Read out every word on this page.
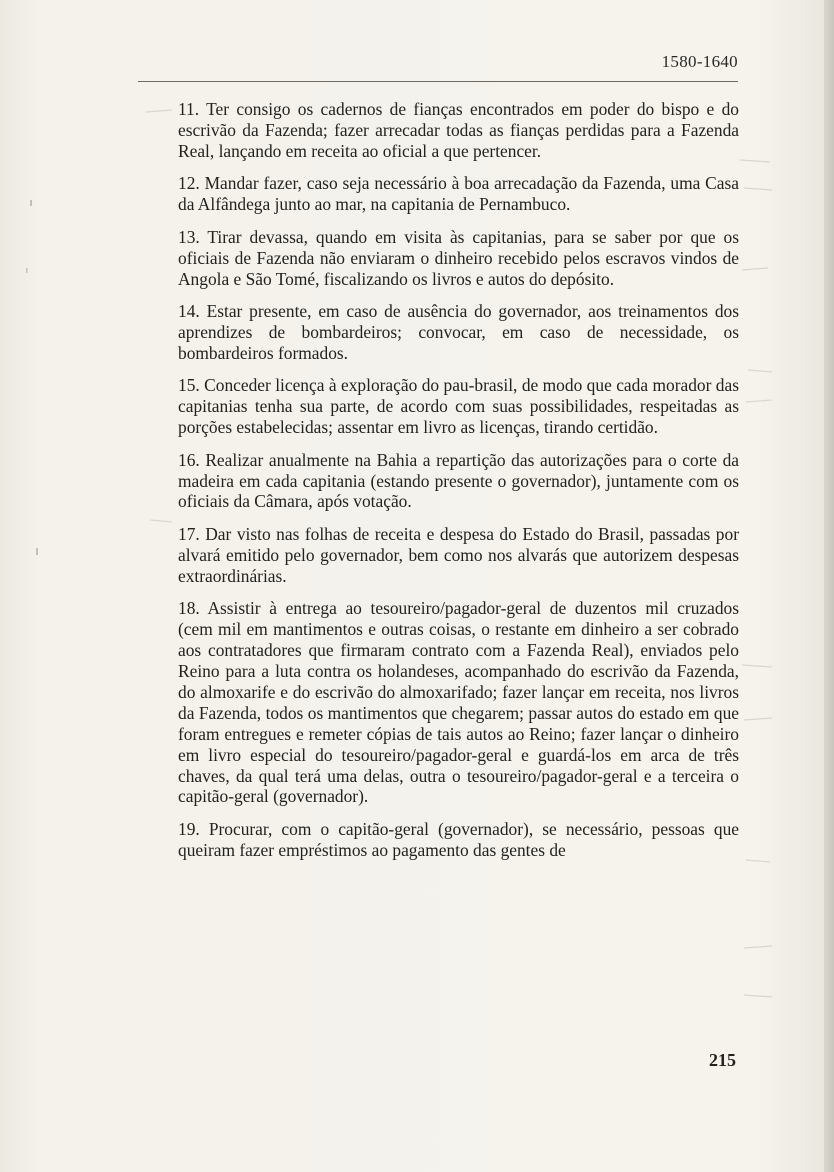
1580-1640

11. Ter consigo os cadernos de fianças encontrados em poder do bispo e do escrivão da Fazenda; fazer arrecadar todas as fianças perdidas para a Fazenda Real, lançando em receita ao oficial a que pertencer.

12. Mandar fazer, caso seja necessário à boa arrecadação da Fazenda, uma Casa da Alfândega junto ao mar, na capitania de Pernambuco.

13. Tirar devassa, quando em visita às capitanias, para se saber por que os oficiais de Fazenda não enviaram o dinheiro recebido pelos escravos vindos de Angola e São Tomé, fiscalizando os livros e autos do depósito.

14. Estar presente, em caso de ausência do governador, aos treinamentos dos aprendizes de bombardeiros; convocar, em caso de necessidade, os bombardeiros formados.

15. Conceder licença à exploração do pau-brasil, de modo que cada morador das capitanias tenha sua parte, de acordo com suas possibilidades, respeitadas as porções estabelecidas; assentar em livro as licenças, tirando certidão.

16. Realizar anualmente na Bahia a repartição das autorizações para o corte da madeira em cada capitania (estando presente o governador), juntamente com os oficiais da Câmara, após votação.

17. Dar visto nas folhas de receita e despesa do Estado do Brasil, passadas por alvará emitido pelo governador, bem como nos alvarás que autorizem despesas extraordinárias.

18. Assistir à entrega ao tesoureiro/pagador-geral de duzentos mil cruzados (cem mil em mantimentos e outras coisas, o restante em dinheiro a ser cobrado aos contratadores que firmaram contrato com a Fazenda Real), enviados pelo Reino para a luta contra os holandeses, acompanhado do escrivão da Fazenda, do almoxarife e do escrivão do almoxarifado; fazer lançar em receita, nos livros da Fazenda, todos os mantimentos que chegarem; passar autos do estado em que foram entregues e remeter cópias de tais autos ao Reino; fazer lançar o dinheiro em livro especial do tesoureiro/pagador-geral e guardá-los em arca de três chaves, da qual terá uma delas, outra o tesoureiro/pagador-geral e a terceira o capitão-geral (governador).

19. Procurar, com o capitão-geral (governador), se necessário, pessoas que queiram fazer empréstimos ao pagamento das gentes de

215
